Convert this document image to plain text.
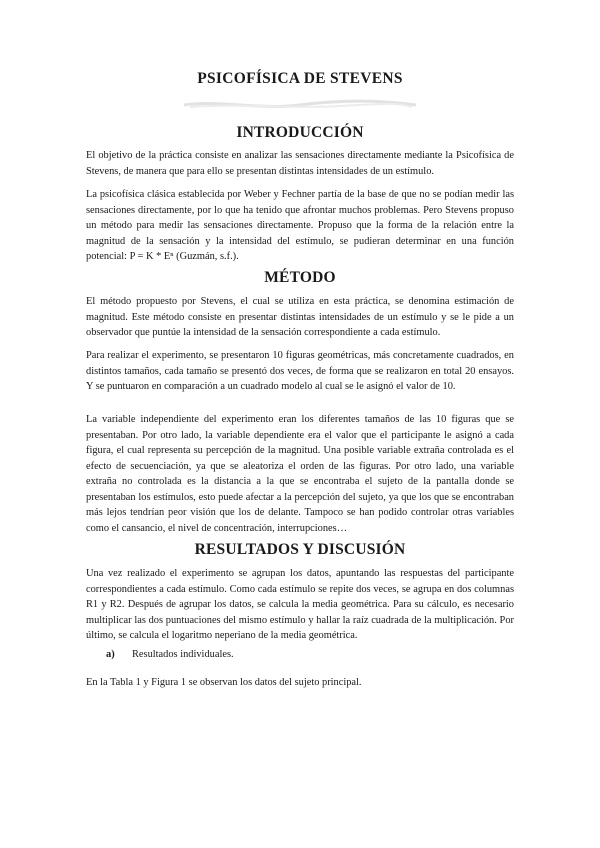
PSICOFÍSICA DE STEVENS
INTRODUCCIÓN

El objetivo de la práctica consiste en analizar las sensaciones directamente mediante la Psicofísica de Stevens, de manera que para ello se presentan distintas intensidades de un estímulo.

La psicofísica clásica establecida por Weber y Fechner partía de la base de que no se podían medir las sensaciones directamente, por lo que ha tenido que afrontar muchos problemas. Pero Stevens propuso un método para medir las sensaciones directamente. Propuso que la forma de la relación entre la magnitud de la sensación y la intensidad del estímulo, se pudieran determinar en una función potencial: P = K * Eⁿ (Guzmán, s.f.).

MÉTODO

El método propuesto por Stevens, el cual se utiliza en esta práctica, se denomina estimación de magnitud. Este método consiste en presentar distintas intensidades de un estímulo y se le pide a un observador que puntúe la intensidad de la sensación correspondiente a cada estímulo.

Para realizar el experimento, se presentaron 10 figuras geométricas, más concretamente cuadrados, en distintos tamaños, cada tamaño se presentó dos veces, de forma que se realizaron en total 20 ensayos. Y se puntuaron en comparación a un cuadrado modelo al cual se le asignó el valor de 10.

La variable independiente del experimento eran los diferentes tamaños de las 10 figuras que se presentaban. Por otro lado, la variable dependiente era el valor que el participante le asignó a cada figura, el cual representa su percepción de la magnitud. Una posible variable extraña controlada es el efecto de secuenciación, ya que se aleatoriza el orden de las figuras. Por otro lado, una variable extraña no controlada es la distancia a la que se encontraba el sujeto de la pantalla donde se presentaban los estímulos, esto puede afectar a la percepción del sujeto, ya que los que se encontraban más lejos tendrían peor visión que los de delante. Tampoco se han podido controlar otras variables como el cansancio, el nivel de concentración, interrupciones…

RESULTADOS Y DISCUSIÓN

Una vez realizado el experimento se agrupan los datos, apuntando las respuestas del participante correspondientes a cada estímulo. Como cada estímulo se repite dos veces, se agrupa en dos columnas R1 y R2. Después de agrupar los datos, se calcula la media geométrica. Para su cálculo, es necesario multiplicar las dos puntuaciones del mismo estímulo y hallar la raíz cuadrada de la multiplicación. Por último, se calcula el logaritmo neperiano de la media geométrica.

a) Resultados individuales.

En la Tabla 1 y Figura 1 se observan los datos del sujeto principal.
